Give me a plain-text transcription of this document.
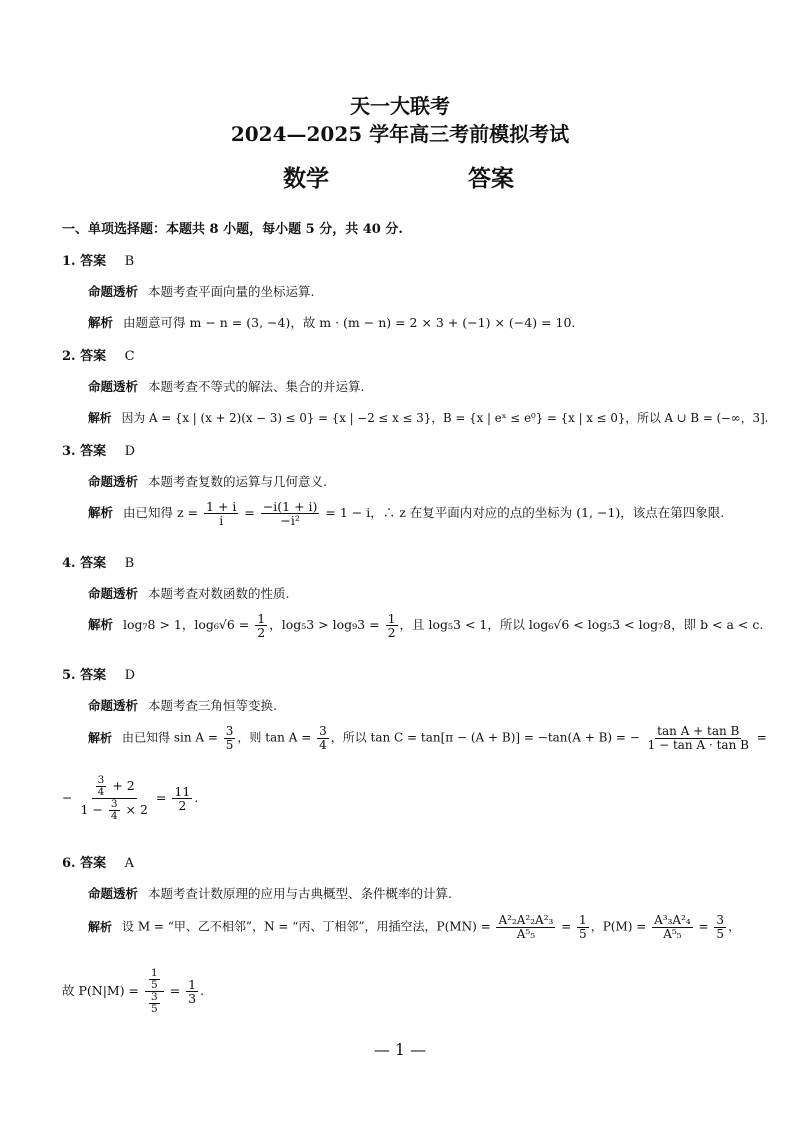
天一大联考
2024—2025 学年高三考前模拟考试
数学	答案
一、单项选择题：本题共 8 小题，每小题 5 分，共 40 分.
1. 答案 B
命题透析 本题考查平面向量的坐标运算.
解析 由题意可得 m − n = (3, −4)，故 m · (m − n) = 2 × 3 + (−1) × (−4) = 10.
2. 答案 C
命题透析 本题考查不等式的解法、集合的并运算.
解析 因为 A = {x | (x + 2)(x − 3) ≤ 0} = {x | −2 ≤ x ≤ 3}，B = {x | eˣ ≤ e⁰} = {x | x ≤ 0}，所以 A ∪ B = (−∞，3].
3. 答案 D
命题透析 本题考查复数的运算与几何意义.
解析 由已知得 $z = \frac{1 + i}{i} = \frac{-i(1 + i)}{\text{−i²}} = 1 - i$，∴ z 在复平面内对应的点的坐标为 (1, −1)，该点在第四象限.
4. 答案 B
命题透析 本题考查对数函数的性质.
解析 log₇8 > 1，$\log_6√6 = \frac{1}{2}$ ，$\log_53 > \log_93 = \frac{1}{2}$ ，且 log₅3 < 1，所以 log₆√6 < log₅3 < log₇8，即 b < a < c.
5. 答案 D
命题透析 本题考查三角恒等变换.
解析 由已知得 $\sin A = \frac{3}{5}$ ，则 $\tan A = \frac{3}{4}$ ，所以 tan C = tan[π − (A + B)] = −tan(A + B) = − $\frac{\text{tan A + tan B}}{\text{1 − tan A · tan B}}$ =
− $\frac{\frac{3}{4} + 2}{1 - \frac{3}{4} \times 2} = \frac{11}{2}$ .
6. 答案 A
命题透析 本题考查计数原理的应用与古典概型、条件概率的计算.
解析 设 M = “甲、乙不相邻”，N = “丙、丁相邻”，用插空法，$P(MN) = \frac{\text{A²₂A²₂A²₃}}{\text{A⁵₅}} = \frac{1}{5}$ ，$P(M) = \frac{\text{A³₃A²₄}}{\text{A⁵₅}} = \frac{3}{5}$ ，
故 $P(N|M) = \frac{\frac{1}{5}}{\frac{3}{5}} = \frac{1}{3}$ .
— 1 —
